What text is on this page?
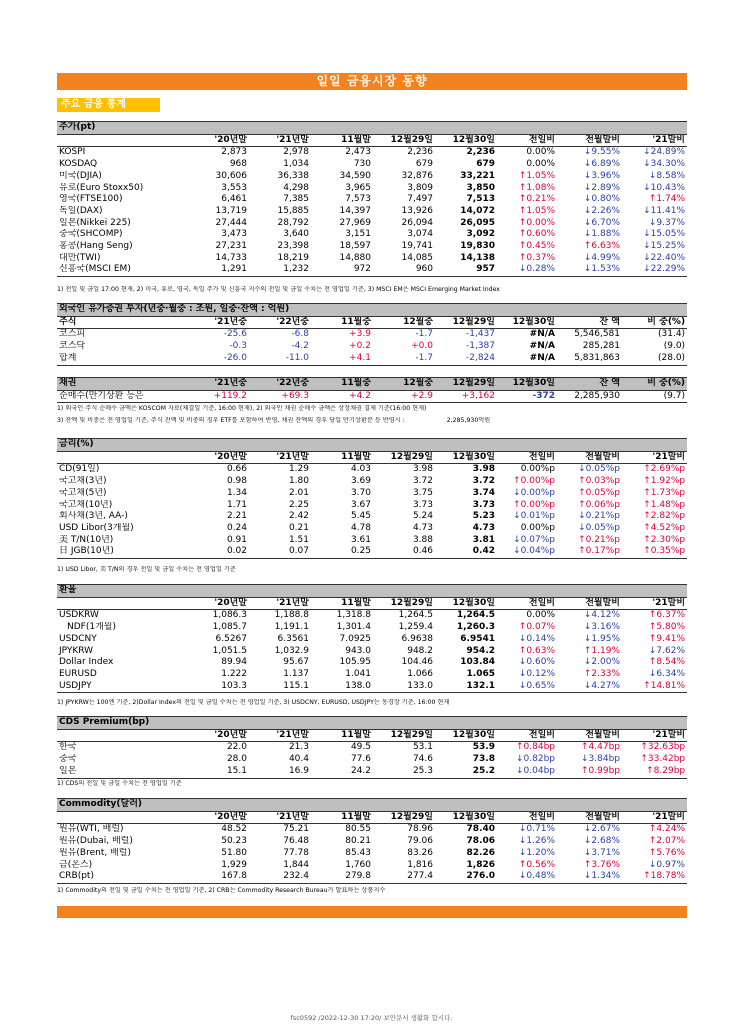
일일 금융시장 동향
주요 금융 통계
주가(pt)								
	'20년말	'21년말	11월말	12월29일	12월30일	전일비	전월말비	'21말비
KOSPI	2,873	2,978	2,473	2,236	2,236	0.00%	↓9.55%	↓24.89%
KOSDAQ	968	1,034	730	679	679	0.00%	↓6.89%	↓34.30%
미국(DJIA)	30,606	36,338	34,590	32,876	33,221	↑1.05%	↓3.96%	↓8.58%
유로(Euro Stoxx50)	3,553	4,298	3,965	3,809	3,850	↑1.08%	↓2.89%	↓10.43%
영국(FTSE100)	6,461	7,385	7,573	7,497	7,513	↑0.21%	↓0.80%	↑1.74%
독일(DAX)	13,719	15,885	14,397	13,926	14,072	↑1.05%	↓2.26%	↓11.41%
일본(Nikkei 225)	27,444	28,792	27,969	26,094	26,095	↑0.00%	↓6.70%	↓9.37%
중국(SHCOMP)	3,473	3,640	3,151	3,074	3,092	↑0.60%	↓1.88%	↓15.05%
홍콩(Hang Seng)	27,231	23,398	18,597	19,741	19,830	↑0.45%	↑6.63%	↓15.25%
대만(TWI)	14,733	18,219	14,880	14,085	14,138	↑0.37%	↓4.99%	↓22.40%
신흥국(MSCI EM)	1,291	1,232	972	960	957	↓0.28%	↓1.53%	↓22.29%
1) 전일 및 금일 17:00 현재, 2) 미국, 유로, 영국, 독일 주가 및 신흥국 지수의 전일 및 금일 수치는 전 영업일 기준, 3) MSCI EM은 MSCI Emerging Market Index
외국인 유가증권 투자(년중·월중 : 조원, 일중·잔액 : 억원)								
주식	'21년중	'22년중	11월중	12월중	12월29일	12월30일	잔 액	비 중(%)
코스피	-25.6	-6.8	+3.9	-1.7	-1,437	#N/A	5,546,581	(31.4)
코스닥	-0.3	-4.2	+0.2	+0.0	-1,387	#N/A	285,281	(9.0)
합계	-26.0	-11.0	+4.1	-1.7	-2,824	#N/A	5,831,863	(28.0)
채권	'21년중	'22년중	11월중	12월중	12월29일	12월30일	잔 액	비 중(%)
순매수(만기상환 등은	+119.2	+69.3	+4.2	+2.9	+3,162	-372	2,285,930	(9.7)
1) 외국인 주식 순매수 금액은 KOSCOM 자료(체결일 기준, 16:00 현재), 2) 외국인 채권 순매수 금액은 상장채권 결제 기준(16:00 현재)
3) 잔액 및 비중은 전 영업일 기준, 주식 잔액 및 비중의 경우 ETF를 포함하여 반영, 채권 잔액의 경우 당일 만기상환분 등 반영시 :	2,285,930억원
금리(%)								
	'20년말	'21년말	11월말	12월29일	12월30일	전일비	전월말비	'21말비
CD(91일)	0.66	1.29	4.03	3.98	3.98	0.00%p	↓0.05%p	↑2.69%p
국고채(3년)	0.98	1.80	3.69	3.72	3.72	↑0.00%p	↑0.03%p	↑1.92%p
국고채(5년)	1.34	2.01	3.70	3.75	3.74	↓0.00%p	↑0.05%p	↑1.73%p
국고채(10년)	1.71	2.25	3.67	3.73	3.73	↑0.00%p	↑0.06%p	↑1.48%p
회사채(3년, AA-)	2.21	2.42	5.45	5.24	5.23	↓0.01%p	↓0.21%p	↑2.82%p
USD Libor(3개월)	0.24	0.21	4.78	4.73	4.73	0.00%p	↓0.05%p	↑4.52%p
美 T/N(10년)	0.91	1.51	3.61	3.88	3.81	↓0.07%p	↑0.21%p	↑2.30%p
日 JGB(10년)	0.02	0.07	0.25	0.46	0.42	↓0.04%p	↑0.17%p	↑0.35%p
1) USD Libor, 美 T/N의 경우 전일 및 금일 수치는 전 영업일 기준
환율								
	'20년말	'21년말	11월말	12월29일	12월30일	전일비	전월말비	'21말비
USDKRW	1,086.3	1,188.8	1,318.8	1,264.5	1,264.5	0.00%	↓4.12%	↑6.37%
NDF(1개월)	1,085.7	1,191.1	1,301.4	1,259.4	1,260.3	↑0.07%	↓3.16%	↑5.80%
USDCNY	6.5267	6.3561	7.0925	6.9638	6.9541	↓0.14%	↓1.95%	↑9.41%
JPYKRW	1,051.5	1,032.9	943.0	948.2	954.2	↑0.63%	↑1.19%	↓7.62%
Dollar Index	89.94	95.67	105.95	104.46	103.84	↓0.60%	↓2.00%	↑8.54%
EURUSD	1.222	1.137	1.041	1.066	1.065	↓0.12%	↑2.33%	↓6.34%
USDJPY	103.3	115.1	138.0	133.0	132.1	↓0.65%	↓4.27%	↑14.81%
1) JPYKRW는 100엔 기준, 2)Dollar Index의 전일 및 금일 수치는 전 영업일 기준, 3) USDCNY, EURUSD, USDJPY는 동경장 기준, 16:00 현재
CDS Premium(bp)								
	'20년말	'21년말	11월말	12월29일	12월30일	전일비	전월말비	'21말비
한국	22.0	21.3	49.5	53.1	53.9	↑0.84bp	↑4.47bp	↑32.63bp
중국	28.0	40.4	77.6	74.6	73.8	↓0.82bp	↓3.84bp	↑33.42bp
일본	15.1	16.9	24.2	25.3	25.2	↓0.04bp	↑0.99bp	↑8.29bp
1) CDS의 전일 및 금일 수치는 전 영업일 기준
Commodity(달러)								
	'20년말	'21년말	11월말	12월29일	12월30일	전일비	전월말비	'21말비
원유(WTI, 배럴)	48.52	75.21	80.55	78.96	78.40	↓0.71%	↓2.67%	↑4.24%
원유(Dubai, 배럴)	50.23	76.48	80.21	79.06	78.06	↓1.26%	↓2.68%	↑2.07%
원유(Brent, 배럴)	51.80	77.78	85.43	83.26	82.26	↓1.20%	↓3.71%	↑5.76%
금(온스)	1,929	1,844	1,760	1,816	1,826	↑0.56%	↑3.76%	↓0.97%
CRB(pt)	167.8	232.4	279.8	277.4	276.0	↓0.48%	↓1.34%	↑18.78%
1) Commodity의 전일 및 금일 수치는 전 영업일 기준, 2) CRB는 Commodity Research Bureau가 발표하는 상품지수
fsc0592 /2022-12-30 17:20/ 보안문서 생활화 합시다.
